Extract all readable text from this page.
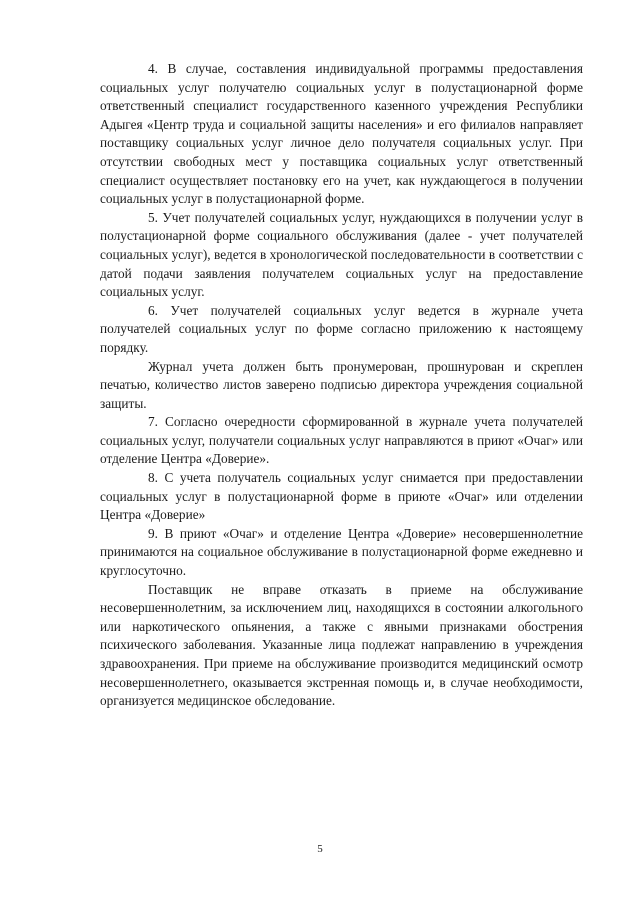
4. В случае, составления индивидуальной программы предоставления социальных услуг получателю социальных услуг в полустационарной форме ответственный специалист государственного казенного учреждения Республики Адыгея «Центр труда и социальной защиты населения» и его филиалов направляет поставщику социальных услуг личное дело получателя социальных услуг. При отсутствии свободных мест у поставщика социальных услуг ответственный специалист осуществляет постановку его на учет, как нуждающегося в получении социальных услуг в полустационарной форме.

5. Учет получателей социальных услуг, нуждающихся в получении услуг в полустационарной форме социального обслуживания (далее - учет получателей социальных услуг), ведется в хронологической последовательности в соответствии с датой подачи заявления получателем социальных услуг на предоставление социальных услуг.

6. Учет получателей социальных услуг ведется в журнале учета получателей социальных услуг по форме согласно приложению к настоящему порядку.

Журнал учета должен быть пронумерован, прошнурован и скреплен печатью, количество листов заверено подписью директора учреждения социальной защиты.

7. Согласно очередности сформированной в журнале учета получателей социальных услуг, получатели социальных услуг направляются в приют «Очаг» или отделение Центра «Доверие».

8. С учета получатель социальных услуг снимается при предоставлении социальных услуг в полустационарной форме в приюте «Очаг» или отделении Центра «Доверие»

9. В приют «Очаг» и отделение Центра «Доверие» несовершеннолетние принимаются на социальное обслуживание в полустационарной форме ежедневно и круглосуточно.

Поставщик не вправе отказать в приеме на обслуживание несовершеннолетним, за исключением лиц, находящихся в состоянии алкогольного или наркотического опьянения, а также с явными признаками обострения психического заболевания. Указанные лица подлежат направлению в учреждения здравоохранения. При приеме на обслуживание производится медицинский осмотр несовершеннолетнего, оказывается экстренная помощь и, в случае необходимости, организуется медицинское обследование.

5
